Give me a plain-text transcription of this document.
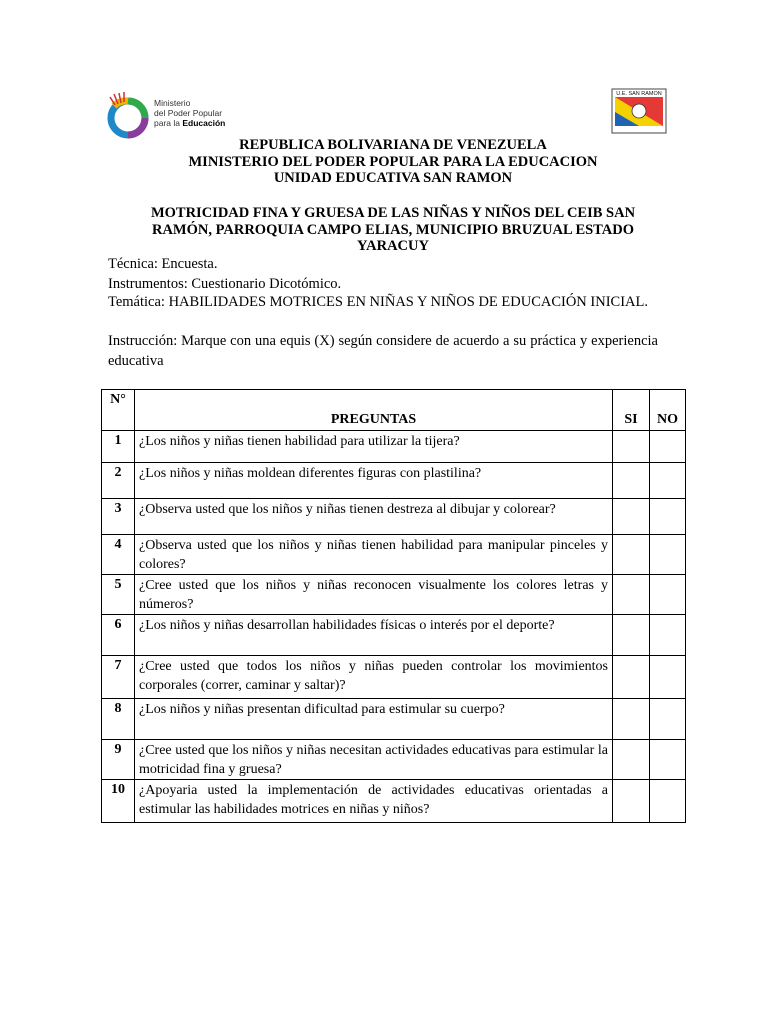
Ministerio
del Poder Popular
para la Educación
U.E. SAN RAMON
REPUBLICA BOLIVARIANA DE VENEZUELA
MINISTERIO DEL PODER POPULAR PARA LA EDUCACION
UNIDAD EDUCATIVA SAN RAMON
MOTRICIDAD FINA Y GRUESA DE LAS NIÑAS Y NIÑOS DEL CEIB SAN
RAMÓN, PARROQUIA CAMPO ELIAS, MUNICIPIO BRUZUAL ESTADO
YARACUY
Técnica: Encuesta.
Instrumentos: Cuestionario Dicotómico.
Temática: HABILIDADES MOTRICES EN NIÑAS Y NIÑOS DE EDUCACIÓN INICIAL.
Instrucción: Marque con una equis (X) según considere de acuerdo a su práctica y experiencia educativa
N°	PREGUNTAS	SI	NO
1	¿Los niños y niñas tienen habilidad para utilizar la tijera?		
2	¿Los niños y niñas moldean diferentes figuras con plastilina?		
3	¿Observa usted que los niños y niñas tienen destreza al dibujar y colorear?		
4	¿Observa usted que los niños y niñas tienen habilidad para manipular pinceles y colores?		
5	¿Cree usted que los niños y niñas reconocen visualmente los colores letras y números?		
6	¿Los niños y niñas desarrollan habilidades físicas o interés por el deporte?		
7	¿Cree usted que todos los niños y niñas pueden controlar los movimientos corporales (correr, caminar y saltar)?		
8	¿Los niños y niñas presentan dificultad para estimular su cuerpo?		
9	¿Cree usted que los niños y niñas necesitan actividades educativas para estimular la motricidad fina y gruesa?		
10	¿Apoyaria usted la implementación de actividades educativas orientadas a estimular las habilidades motrices en niñas y niños?		
